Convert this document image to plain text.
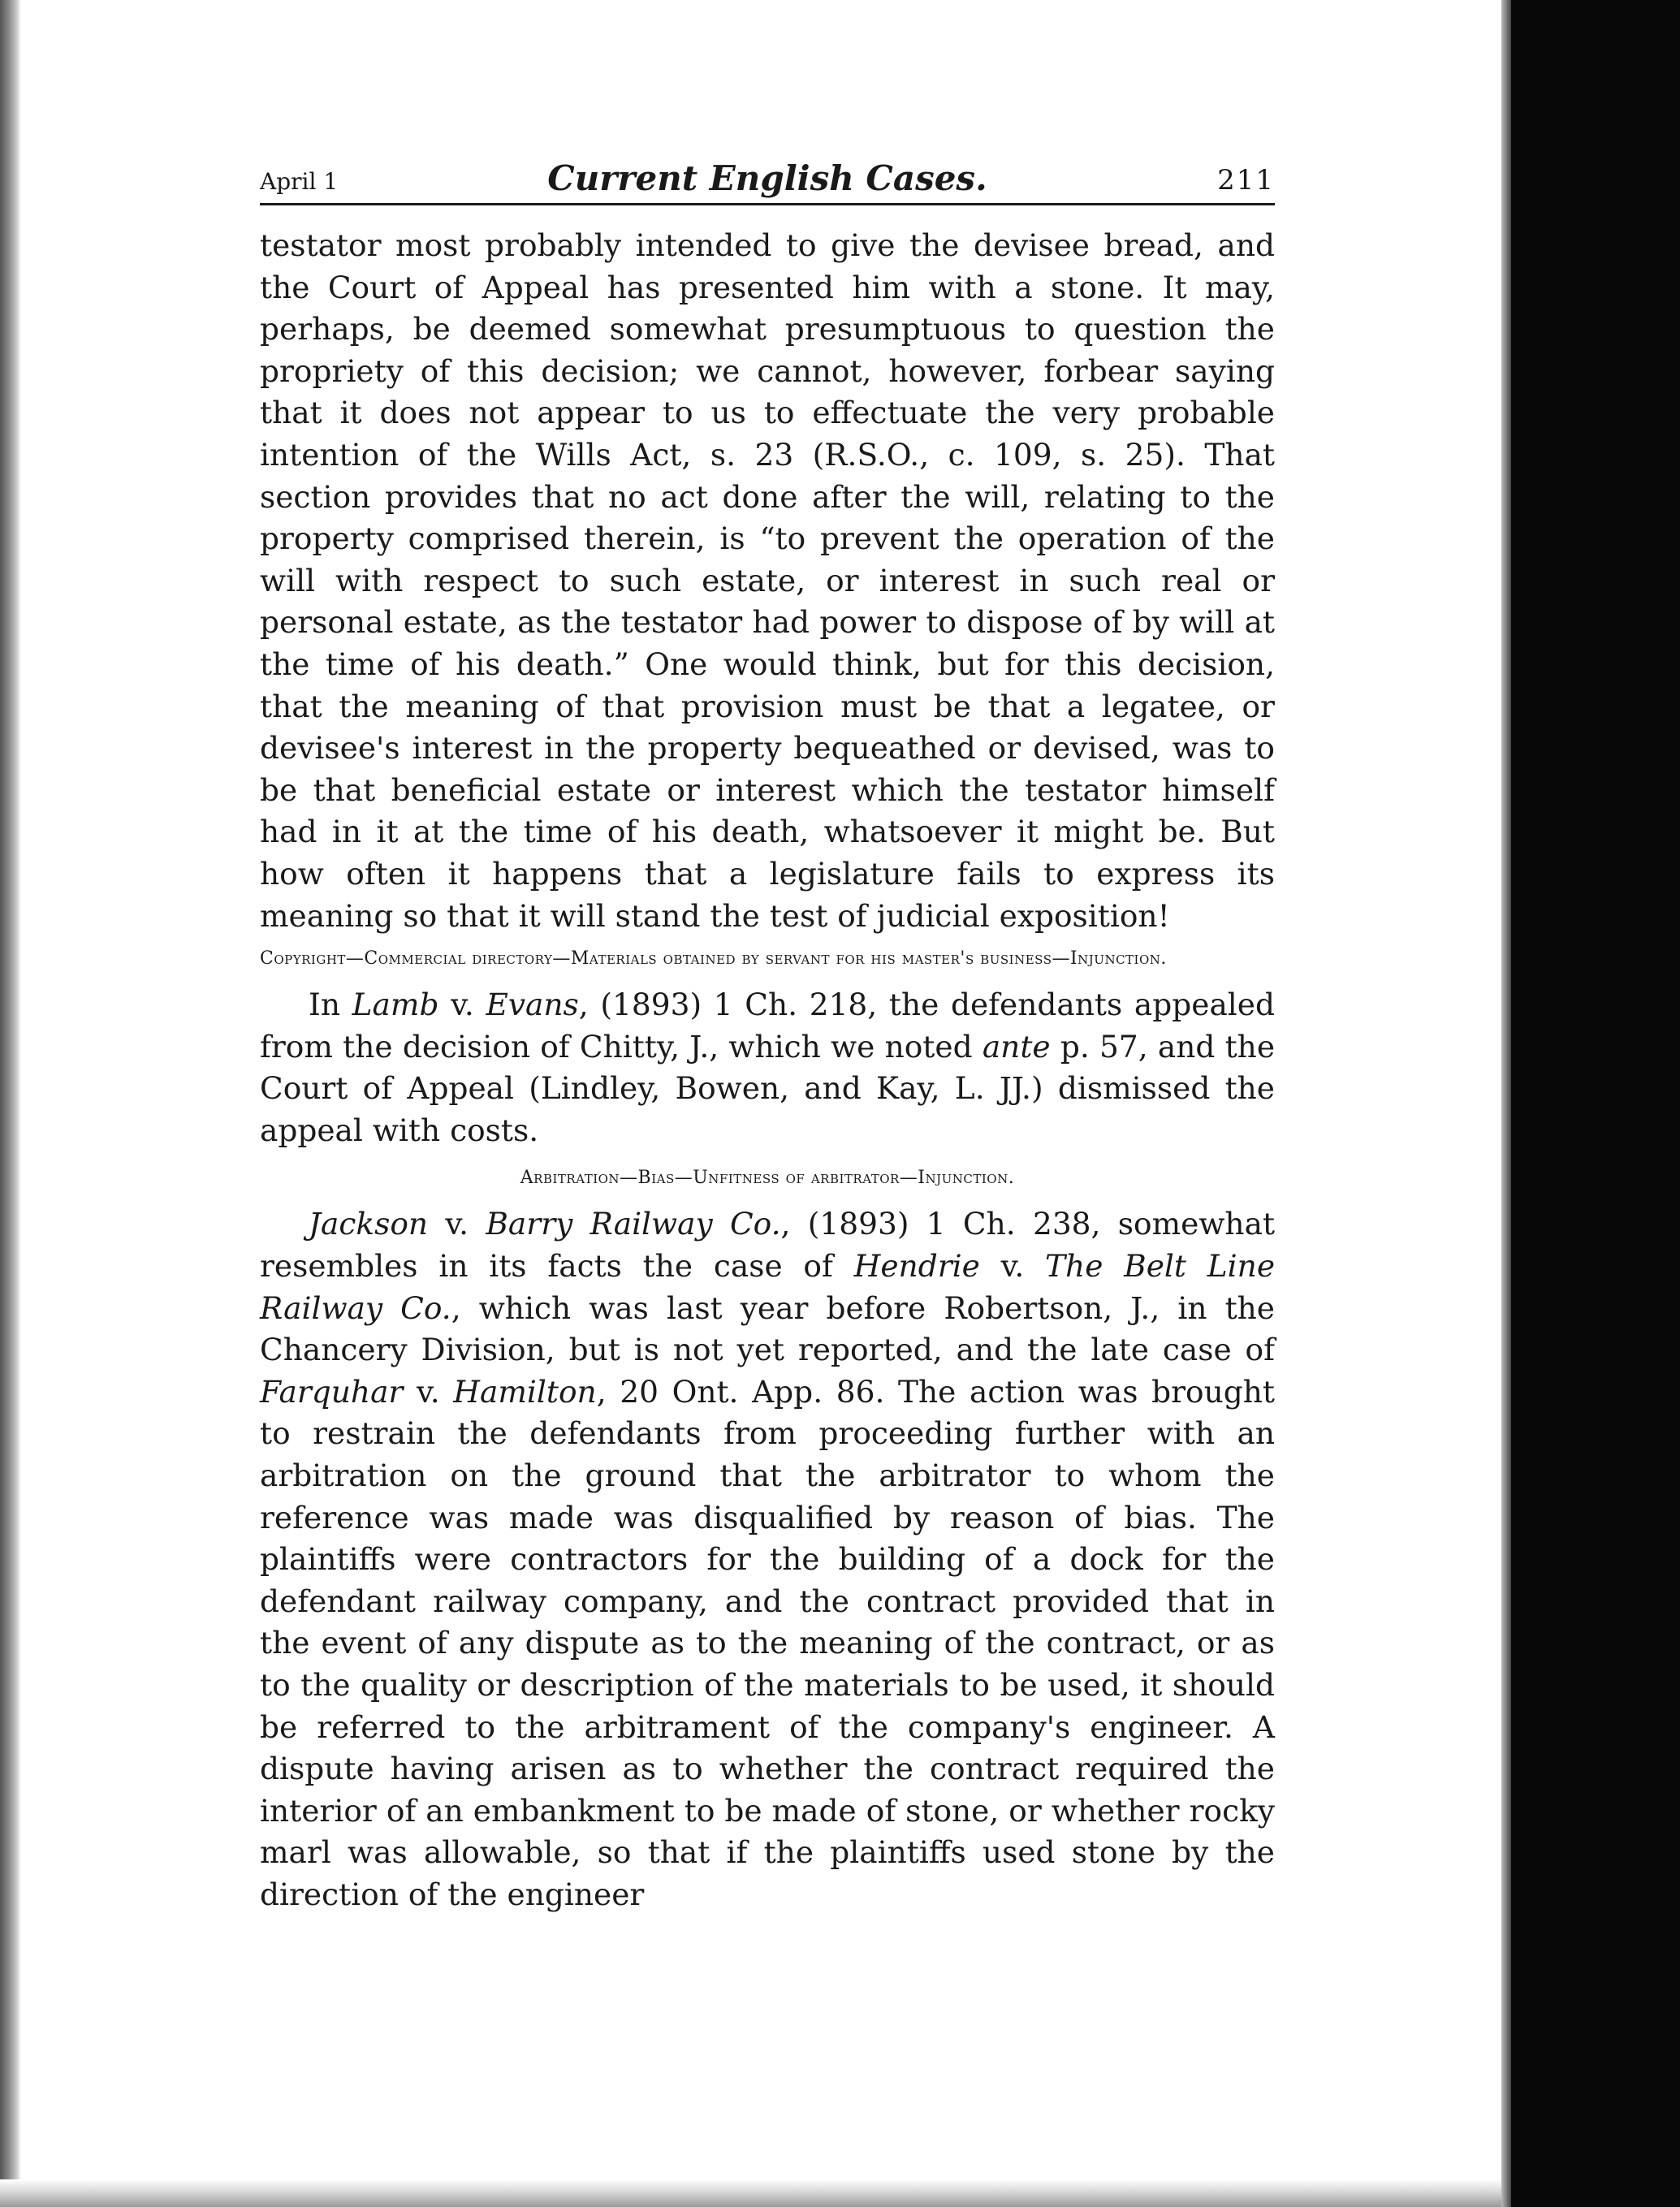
April 1	Current English Cases.	211

testator most probably intended to give the devisee bread, and the Court of Appeal has presented him with a stone. It may, perhaps, be deemed somewhat presumptuous to question the propriety of this decision; we cannot, however, forbear saying that it does not appear to us to effectuate the very probable intention of the Wills Act, s. 23 (R.S.O., c. 109, s. 25). That section provides that no act done after the will, relating to the property comprised therein, is “to prevent the operation of the will with respect to such estate, or interest in such real or personal estate, as the testator had power to dispose of by will at the time of his death.” One would think, but for this decision, that the meaning of that provision must be that a legatee, or devisee's interest in the property bequeathed or devised, was to be that beneficial estate or interest which the testator himself had in it at the time of his death, whatsoever it might be. But how often it happens that a legislature fails to express its meaning so that it will stand the test of judicial exposition!

Copyright—Commercial directory—Materials obtained by servant for his master's business—Injunction.

In Lamb v. Evans, (1893) 1 Ch. 218, the defendants appealed from the decision of Chitty, J., which we noted ante p. 57, and the Court of Appeal (Lindley, Bowen, and Kay, L. JJ.) dismissed the appeal with costs.

Arbitration—Bias—Unfitness of arbitrator—Injunction.

Jackson v. Barry Railway Co., (1893) 1 Ch. 238, somewhat resembles in its facts the case of Hendrie v. The Belt Line Railway Co., which was last year before Robertson, J., in the Chancery Division, but is not yet reported, and the late case of Farquhar v. Hamilton, 20 Ont. App. 86. The action was brought to restrain the defendants from proceeding further with an arbitration on the ground that the arbitrator to whom the reference was made was disqualified by reason of bias. The plaintiffs were contractors for the building of a dock for the defendant railway company, and the contract provided that in the event of any dispute as to the meaning of the contract, or as to the quality or description of the materials to be used, it should be referred to the arbitrament of the company's engineer. A dispute having arisen as to whether the contract required the interior of an embankment to be made of stone, or whether rocky marl was allowable, so that if the plaintiffs used stone by the direction of the engineer
